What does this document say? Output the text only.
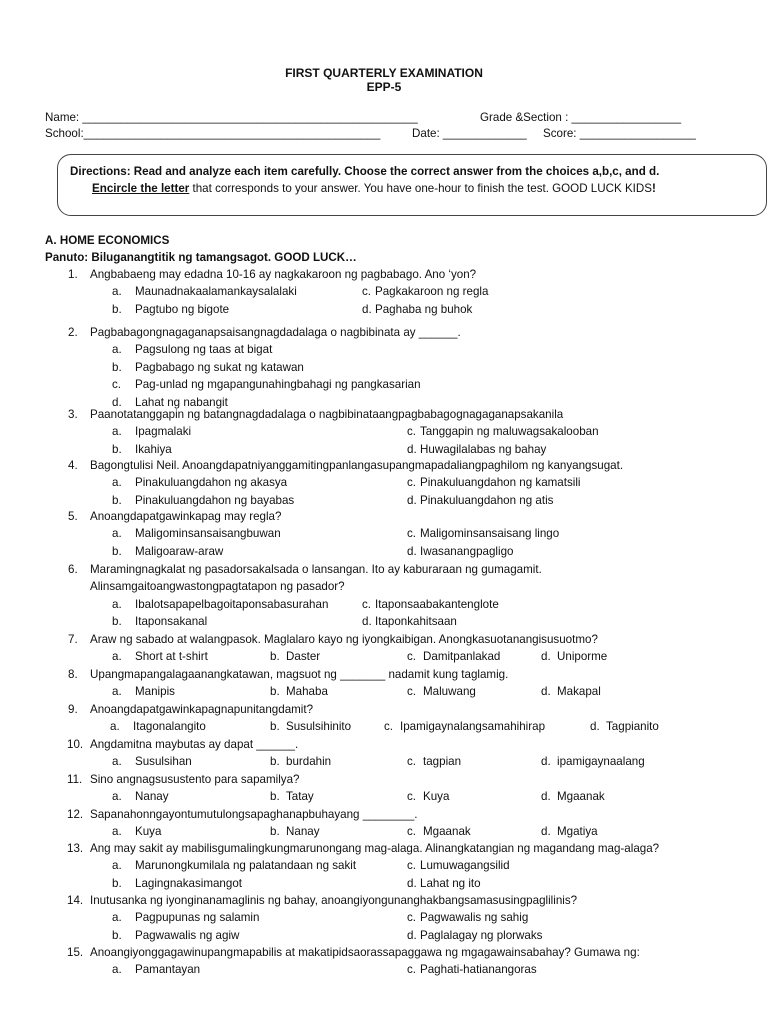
FIRST QUARTERLY EXAMINATION
EPP-5
Name: ____________________________________________________	Grade &Section : _________________
School:______________________________________________	Date: _____________ Score: __________________
Directions: Read and analyze each item carefully. Choose the correct answer from the choices a,b,c, and d.
Encircle the letter that corresponds to your answer. You have one-hour to finish the test. GOOD LUCK KIDS!
A. HOME ECONOMICS
Panuto: Biluganangtitik ng tamangsagot. GOOD LUCK…
1. Angbabaeng may edadna 10-16 ay nagkakaroon ng pagbabago. Ano ‘yon?
a. Maunadnakaalamankaysalalaki	c. Pagkakaroon ng regla
b. Pagtubo ng bigote	d. Paghaba ng buhok
2. Pagbabagongnagaganapsaisangnagdadalaga o nagbibinata ay ______.
a. Pagsulong ng taas at bigat
b. Pagbabago ng sukat ng katawan
c. Pag-unlad ng mgapangunahingbahagi ng pangkasarian
d. Lahat ng nabangit
3. Paanotatanggapin ng batangnagdadalaga o nagbibinataangpagbabagognagaganapsakanila
a. Ipagmalaki	c. Tanggapin ng maluwagsakalooban
b. Ikahiya	d. Huwagilalabas ng bahay
4. Bagongtulisi Neil. Anoangdapatniyanggamitingpanlangasupangmapadaliangpaghilom ng kanyangsugat.
a. Pinakuluangdahon ng akasya	c. Pinakuluangdahon ng kamatsili
b. Pinakuluangdahon ng bayabas	d. Pinakuluangdahon ng atis
5. Anoangdapatgawinkapag may regla?
a. Maligominsansaisangbuwan	c. Maligominsansaisang lingo
b. Maligoaraw-araw	d. Iwasanangpagligo
6. Maramingnagkalat ng pasadorsakalsada o lansangan. Ito ay kaburaraan ng gumagamit.
Alinsamgaitoangwastongpagtatapon ng pasador?
a. Ibalotsapapelbagoitaponsabasurahan	c. Itaponsaabakantenglote
b. Itaponsakanal	d. Itaponkahitsaan
7. Araw ng sabado at walangpasok. Maglalaro kayo ng iyongkaibigan. Anongkasuotanangisusuotmo?
a. Short at t-shirt	b. Daster	c. Damitpanlakad	d. Uniporme
8. Upangmapangalagaanangkatawan, magsuot ng _______ nadamit kung taglamig.
a. Manipis	b. Mahaba	c. Maluwang	d. Makapal
9. Anoangdapatgawinkapagnapunitangdamit?
a. Itagonalangito	b. Susulsihinito	c. Ipamigaynalangsamahihirap	d. Tagpianito
10. Angdamitna maybutas ay dapat ______.
a. Susulsihan	b. burdahin	c. tagpian	d. ipamigaynaalang
11. Sino angnagsusustento para sapamilya?
a. Nanay	b. Tatay	c. Kuya	d. Mgaanak
12. Sapanahonngayontumutulongsapaghanapbuhayang ________.
a. Kuya	b. Nanay	c. Mgaanak	d. Mgatiya
13. Ang may sakit ay mabilisgumalingkungmarunongang mag-alaga. Alinangkatangian ng magandang mag-alaga?
a. Marunongkumilala ng palatandaan ng sakit	c. Lumuwagangsilid
b. Lagingnakasimangot	d. Lahat ng ito
14. Inutusanka ng iyonginanamaglinis ng bahay, anoangiyongunanghakbangsamasusingpaglilinis?
a. Pagpupunas ng salamin	c. Pagwawalis ng sahig
b. Pagwawalis ng agiw	d. Paglalagay ng plorwaks
15. Anoangiyonggagawinupangmapabilis at makatipidsaorassapaggawa ng mgagawainsabahay? Gumawa ng:
a. Pamantayan	c. Paghati-hatianangoras
